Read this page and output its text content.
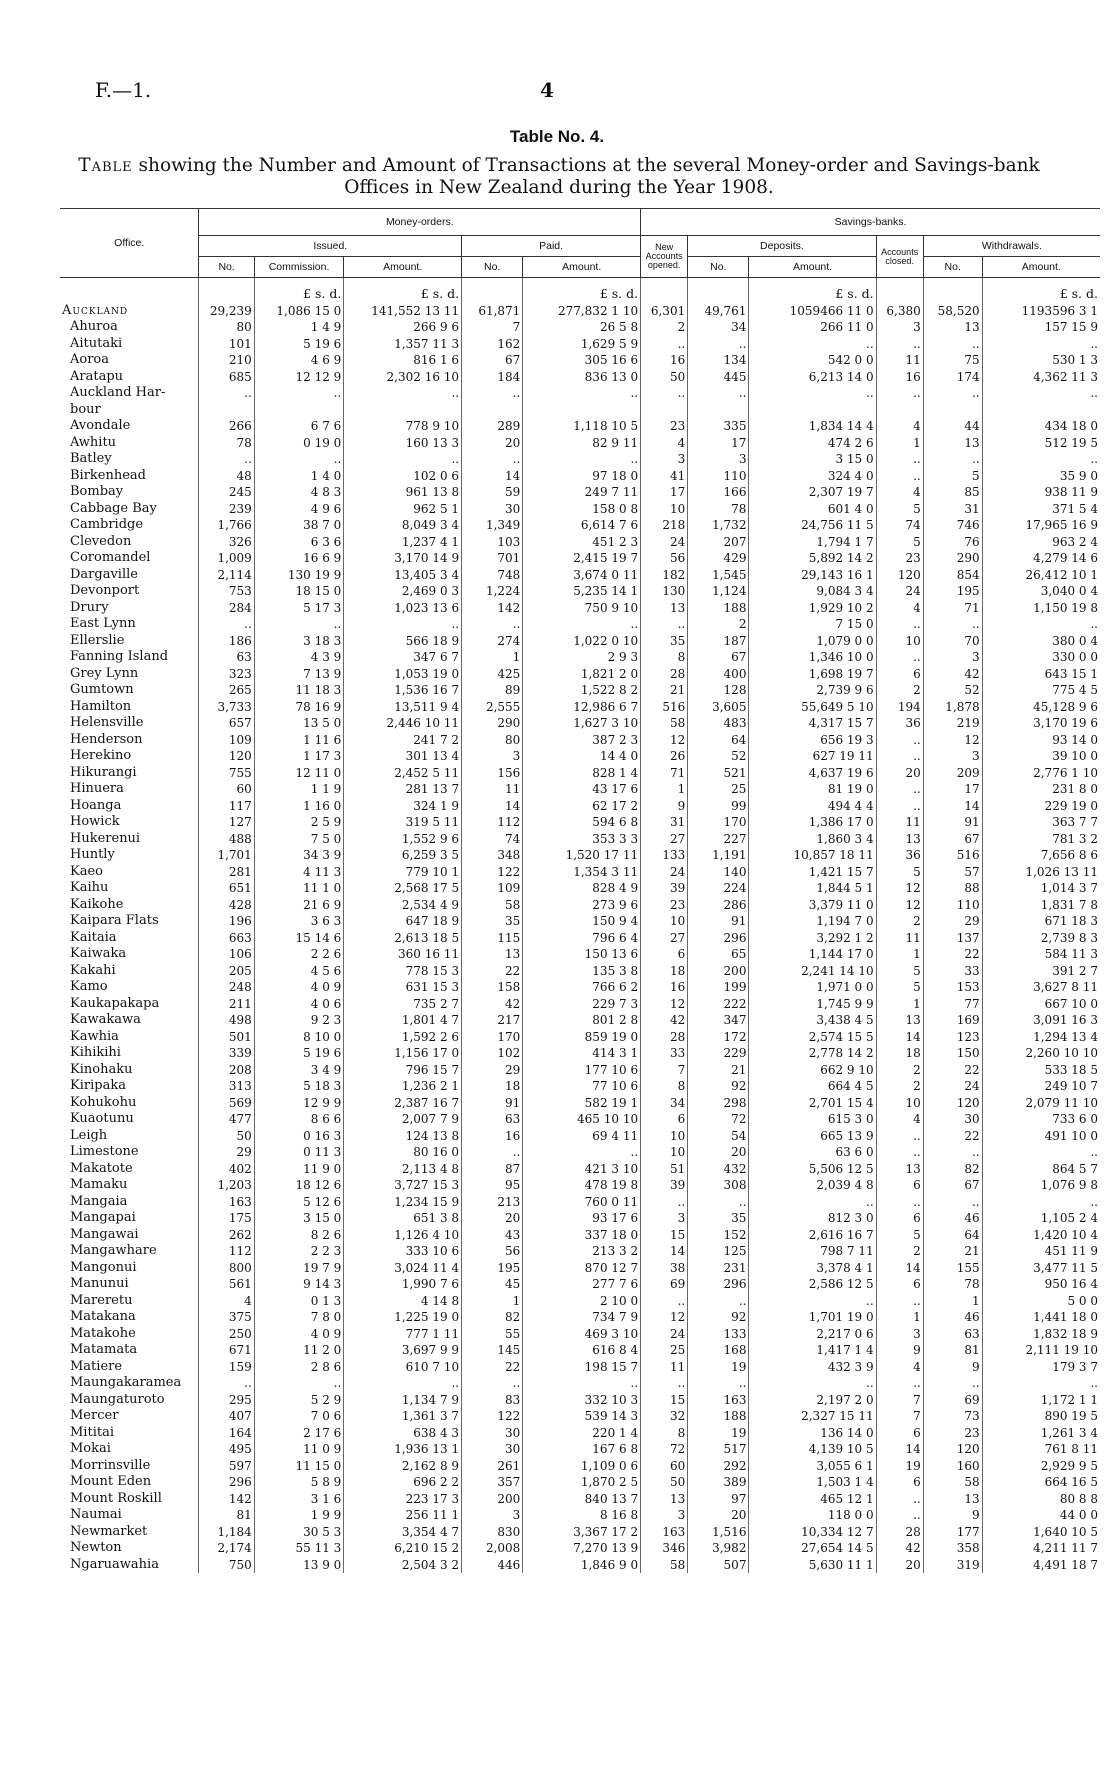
F.—1.	4
Table No. 4.
Table showing the Number and Amount of Transactions at the several Money-order and Savings-bank
Offices in New Zealand during the Year 1908.
Office.	Money-orders.					Savings-banks.					
	Issued.			Paid.		New Accounts opened.	Deposits.		Accounts closed.	Withdrawals.	
	No.	Commission.	Amount.	No.	Amount.		No.	Amount.		No.	Amount.
		£ s. d.	£ s. d.		£ s. d.			£ s. d.			£ s. d.
Auckland	29,239	1,086 15 0	141,552 13 11	61,871	277,832 1 10	6,301	49,761	1059466 11 0	6,380	58,520	1193596 3 1
Ahuroa	80	1 4 9	266 9 6	7	26 5 8	2	34	266 11 0	3	13	157 15 9
Aitutaki	101	5 19 6	1,357 11 3	162	1,629 5 9	..	..	..	..	..	..
Aoroa	210	4 6 9	816 1 6	67	305 16 6	16	134	542 0 0	11	75	530 1 3
Aratapu	685	12 12 9	2,302 16 10	184	836 13 0	50	445	6,213 14 0	16	174	4,362 11 3
Auckland Har-	..	..	..	..	..	..	..	..	..	..	..
bour											
Avondale	266	6 7 6	778 9 10	289	1,118 10 5	23	335	1,834 14 4	4	44	434 18 0
Awhitu	78	0 19 0	160 13 3	20	82 9 11	4	17	474 2 6	1	13	512 19 5
Batley	..	..	..	..	..	3	3	3 15 0	..	..	..
Birkenhead	48	1 4 0	102 0 6	14	97 18 0	41	110	324 4 0	..	5	35 9 0
Bombay	245	4 8 3	961 13 8	59	249 7 11	17	166	2,307 19 7	4	85	938 11 9
Cabbage Bay	239	4 9 6	962 5 1	30	158 0 8	10	78	601 4 0	5	31	371 5 4
Cambridge	1,766	38 7 0	8,049 3 4	1,349	6,614 7 6	218	1,732	24,756 11 5	74	746	17,965 16 9
Clevedon	326	6 3 6	1,237 4 1	103	451 2 3	24	207	1,794 1 7	5	76	963 2 4
Coromandel	1,009	16 6 9	3,170 14 9	701	2,415 19 7	56	429	5,892 14 2	23	290	4,279 14 6
Dargaville	2,114	130 19 9	13,405 3 4	748	3,674 0 11	182	1,545	29,143 16 1	120	854	26,412 10 1
Devonport	753	18 15 0	2,469 0 3	1,224	5,235 14 1	130	1,124	9,084 3 4	24	195	3,040 0 4
Drury	284	5 17 3	1,023 13 6	142	750 9 10	13	188	1,929 10 2	4	71	1,150 19 8
East Lynn	..	..	..	..	..	..	2	7 15 0	..	..	..
Ellerslie	186	3 18 3	566 18 9	274	1,022 0 10	35	187	1,079 0 0	10	70	380 0 4
Fanning Island	63	4 3 9	347 6 7	1	2 9 3	8	67	1,346 10 0	..	3	330 0 0
Grey Lynn	323	7 13 9	1,053 19 0	425	1,821 2 0	28	400	1,698 19 7	6	42	643 15 1
Gumtown	265	11 18 3	1,536 16 7	89	1,522 8 2	21	128	2,739 9 6	2	52	775 4 5
Hamilton	3,733	78 16 9	13,511 9 4	2,555	12,986 6 7	516	3,605	55,649 5 10	194	1,878	45,128 9 6
Helensville	657	13 5 0	2,446 10 11	290	1,627 3 10	58	483	4,317 15 7	36	219	3,170 19 6
Henderson	109	1 11 6	241 7 2	80	387 2 3	12	64	656 19 3	..	12	93 14 0
Herekino	120	1 17 3	301 13 4	3	14 4 0	26	52	627 19 11	..	3	39 10 0
Hikurangi	755	12 11 0	2,452 5 11	156	828 1 4	71	521	4,637 19 6	20	209	2,776 1 10
Hinuera	60	1 1 9	281 13 7	11	43 17 6	1	25	81 19 0	..	17	231 8 0
Hoanga	117	1 16 0	324 1 9	14	62 17 2	9	99	494 4 4	..	14	229 19 0
Howick	127	2 5 9	319 5 11	112	594 6 8	31	170	1,386 17 0	11	91	363 7 7
Hukerenui	488	7 5 0	1,552 9 6	74	353 3 3	27	227	1,860 3 4	13	67	781 3 2
Huntly	1,701	34 3 9	6,259 3 5	348	1,520 17 11	133	1,191	10,857 18 11	36	516	7,656 8 6
Kaeo	281	4 11 3	779 10 1	122	1,354 3 11	24	140	1,421 15 7	5	57	1,026 13 11
Kaihu	651	11 1 0	2,568 17 5	109	828 4 9	39	224	1,844 5 1	12	88	1,014 3 7
Kaikohe	428	21 6 9	2,534 4 9	58	273 9 6	23	286	3,379 11 0	12	110	1,831 7 8
Kaipara Flats	196	3 6 3	647 18 9	35	150 9 4	10	91	1,194 7 0	2	29	671 18 3
Kaitaia	663	15 14 6	2,613 18 5	115	796 6 4	27	296	3,292 1 2	11	137	2,739 8 3
Kaiwaka	106	2 2 6	360 16 11	13	150 13 6	6	65	1,144 17 0	1	22	584 11 3
Kakahi	205	4 5 6	778 15 3	22	135 3 8	18	200	2,241 14 10	5	33	391 2 7
Kamo	248	4 0 9	631 15 3	158	766 6 2	16	199	1,971 0 0	5	153	3,627 8 11
Kaukapakapa	211	4 0 6	735 2 7	42	229 7 3	12	222	1,745 9 9	1	77	667 10 0
Kawakawa	498	9 2 3	1,801 4 7	217	801 2 8	42	347	3,438 4 5	13	169	3,091 16 3
Kawhia	501	8 10 0	1,592 2 6	170	859 19 0	28	172	2,574 15 5	14	123	1,294 13 4
Kihikihi	339	5 19 6	1,156 17 0	102	414 3 1	33	229	2,778 14 2	18	150	2,260 10 10
Kinohaku	208	3 4 9	796 15 7	29	177 10 6	7	21	662 9 10	2	22	533 18 5
Kiripaka	313	5 18 3	1,236 2 1	18	77 10 6	8	92	664 4 5	2	24	249 10 7
Kohukohu	569	12 9 9	2,387 16 7	91	582 19 1	34	298	2,701 15 4	10	120	2,079 11 10
Kuaotunu	477	8 6 6	2,007 7 9	63	465 10 10	6	72	615 3 0	4	30	733 6 0
Leigh	50	0 16 3	124 13 8	16	69 4 11	10	54	665 13 9	..	22	491 10 0
Limestone	29	0 11 3	80 16 0	..	..	10	20	63 6 0	..	..	..
Makatote	402	11 9 0	2,113 4 8	87	421 3 10	51	432	5,506 12 5	13	82	864 5 7
Mamaku	1,203	18 12 6	3,727 15 3	95	478 19 8	39	308	2,039 4 8	6	67	1,076 9 8
Mangaia	163	5 12 6	1,234 15 9	213	760 0 11	..	..	..	..	..	..
Mangapai	175	3 15 0	651 3 8	20	93 17 6	3	35	812 3 0	6	46	1,105 2 4
Mangawai	262	8 2 6	1,126 4 10	43	337 18 0	15	152	2,616 16 7	5	64	1,420 10 4
Mangawhare	112	2 2 3	333 10 6	56	213 3 2	14	125	798 7 11	2	21	451 11 9
Mangonui	800	19 7 9	3,024 11 4	195	870 12 7	38	231	3,378 4 1	14	155	3,477 11 5
Manunui	561	9 14 3	1,990 7 6	45	277 7 6	69	296	2,586 12 5	6	78	950 16 4
Mareretu	4	0 1 3	4 14 8	1	2 10 0	..	..	..	..	1	5 0 0
Matakana	375	7 8 0	1,225 19 0	82	734 7 9	12	92	1,701 19 0	1	46	1,441 18 0
Matakohe	250	4 0 9	777 1 11	55	469 3 10	24	133	2,217 0 6	3	63	1,832 18 9
Matamata	671	11 2 0	3,697 9 9	145	616 8 4	25	168	1,417 1 4	9	81	2,111 19 10
Matiere	159	2 8 6	610 7 10	22	198 15 7	11	19	432 3 9	4	9	179 3 7
Maungakaramea	..	..	..	..	..	..	..	..	..	..	..
Maungaturoto	295	5 2 9	1,134 7 9	83	332 10 3	15	163	2,197 2 0	7	69	1,172 1 1
Mercer	407	7 0 6	1,361 3 7	122	539 14 3	32	188	2,327 15 11	7	73	890 19 5
Mititai	164	2 17 6	638 4 3	30	220 1 4	8	19	136 14 0	6	23	1,261 3 4
Mokai	495	11 0 9	1,936 13 1	30	167 6 8	72	517	4,139 10 5	14	120	761 8 11
Morrinsville	597	11 15 0	2,162 8 9	261	1,109 0 6	60	292	3,055 6 1	19	160	2,929 9 5
Mount Eden	296	5 8 9	696 2 2	357	1,870 2 5	50	389	1,503 1 4	6	58	664 16 5
Mount Roskill	142	3 1 6	223 17 3	200	840 13 7	13	97	465 12 1	..	13	80 8 8
Naumai	81	1 9 9	256 11 1	3	8 16 8	3	20	118 0 0	..	9	44 0 0
Newmarket	1,184	30 5 3	3,354 4 7	830	3,367 17 2	163	1,516	10,334 12 7	28	177	1,640 10 5
Newton	2,174	55 11 3	6,210 15 2	2,008	7,270 13 9	346	3,982	27,654 14 5	42	358	4,211 11 7
Ngaruawahia	750	13 9 0	2,504 3 2	446	1,846 9 0	58	507	5,630 11 1	20	319	4,491 18 7
